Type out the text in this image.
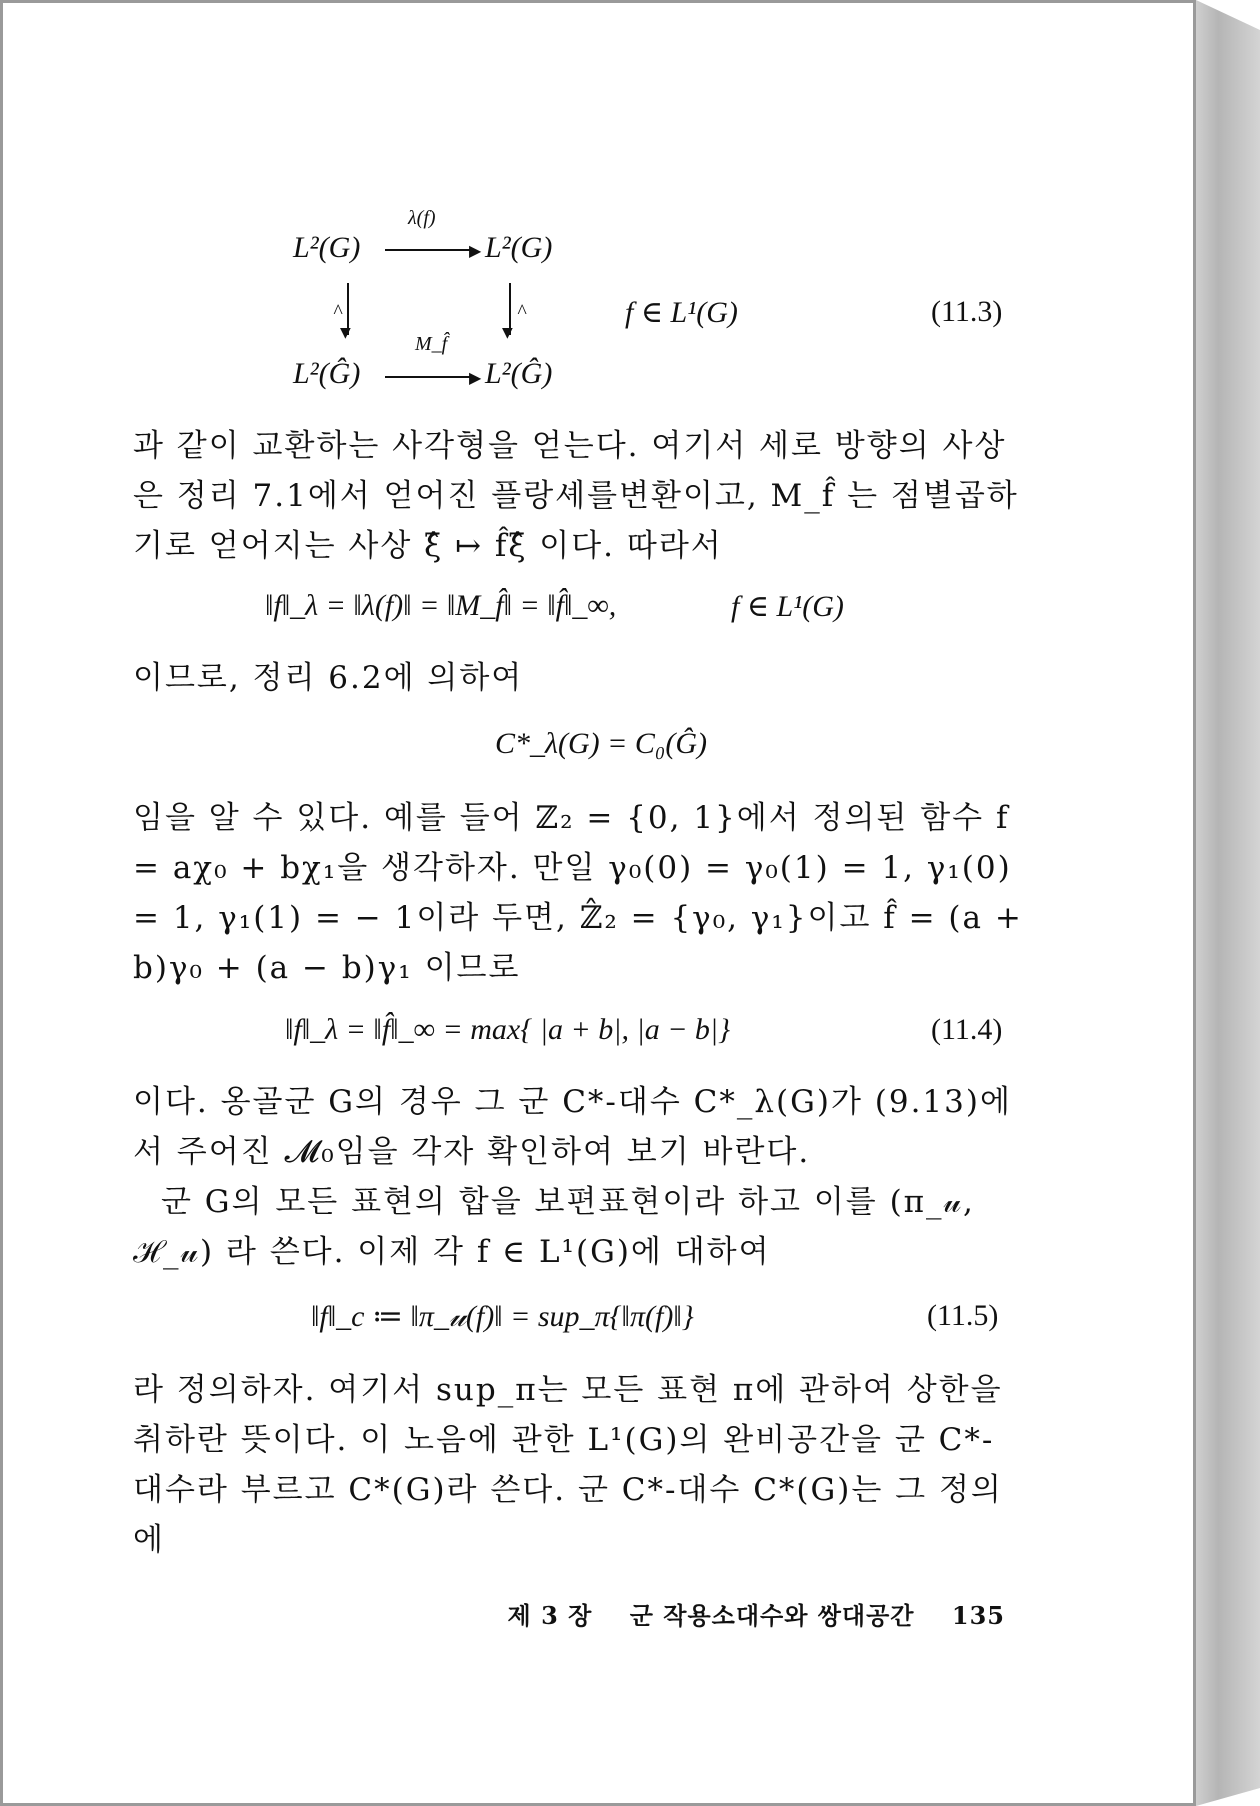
λ(f)
L²(G)	▶ L²(G)
^
▼	▼
^	f ∈ L¹(G)	(11.3)
M_f̂
L²(Ĝ)	▶ L²(Ĝ)
과 같이 교환하는 사각형을 얻는다. 여기서 세로 방향의 사상은 정리 7.1에서 얻어진 플랑셰를변환이고, M_f̂ 는 점별곱하기로 얻어지는 사상 ξ̂ ↦ f̂ξ̂ 이다. 따라서
‖f‖_λ = ‖λ(f)‖ = ‖M_f̂‖ = ‖f̂‖_∞,	f ∈ L¹(G)
이므로, 정리 6.2에 의하여
C*_λ(G) = C₀(Ĝ)
임을 알 수 있다. 예를 들어 ℤ₂ = {0, 1}에서 정의된 함수 f = aχ₀ + bχ₁을 생각하자. 만일 γ₀(0) = γ₀(1) = 1, γ₁(0) = 1, γ₁(1) = − 1이라 두면, ℤ̂₂ = {γ₀, γ₁}이고 f̂ = (a + b)γ₀ + (a − b)γ₁ 이므로
‖f‖_λ = ‖f̂‖_∞ = max{ |a + b|, |a − b|}	(11.4)
이다. 옹골군 G의 경우 그 군 C*-대수 C*_λ(G)가 (9.13)에서 주어진 𝓜₀임을 각자 확인하여 보기 바란다.
군 G의 모든 표현의 합을 보편표현이라 하고 이를 (π_𝓊, ℋ_𝓊) 라 쓴다. 이제 각 f ∈ L¹(G)에 대하여
‖f‖_c ≔ ‖π_𝓊(f)‖ = sup_π{‖π(f)‖}	(11.5)
라 정의하자. 여기서 sup_π는 모든 표현 π에 관하여 상한을 취하란 뜻이다. 이 노음에 관한 L¹(G)의 완비공간을 군 C*-대수라 부르고 C*(G)라 쓴다. 군 C*-대수 C*(G)는 그 정의에
제 3 장 군 작용소대수와 쌍대공간 135
